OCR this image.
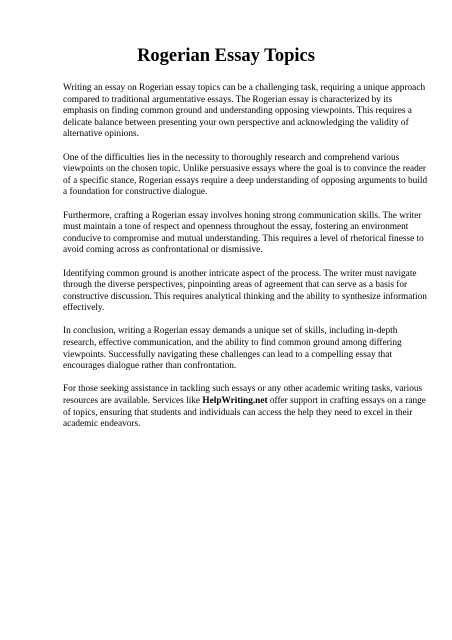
Rogerian Essay Topics

Writing an essay on Rogerian essay topics can be a challenging task, requiring a unique approach compared to traditional argumentative essays. The Rogerian essay is characterized by its emphasis on finding common ground and understanding opposing viewpoints. This requires a delicate balance between presenting your own perspective and acknowledging the validity of alternative opinions.

One of the difficulties lies in the necessity to thoroughly research and comprehend various viewpoints on the chosen topic. Unlike persuasive essays where the goal is to convince the reader of a specific stance, Rogerian essays require a deep understanding of opposing arguments to build a foundation for constructive dialogue.

Furthermore, crafting a Rogerian essay involves honing strong communication skills. The writer must maintain a tone of respect and openness throughout the essay, fostering an environment conducive to compromise and mutual understanding. This requires a level of rhetorical finesse to avoid coming across as confrontational or dismissive.

Identifying common ground is another intricate aspect of the process. The writer must navigate through the diverse perspectives, pinpointing areas of agreement that can serve as a basis for constructive discussion. This requires analytical thinking and the ability to synthesize information effectively.

In conclusion, writing a Rogerian essay demands a unique set of skills, including in-depth research, effective communication, and the ability to find common ground among differing viewpoints. Successfully navigating these challenges can lead to a compelling essay that encourages dialogue rather than confrontation.

For those seeking assistance in tackling such essays or any other academic writing tasks, various resources are available. Services like HelpWriting.net offer support in crafting essays on a range of topics, ensuring that students and individuals can access the help they need to excel in their academic endeavors.
